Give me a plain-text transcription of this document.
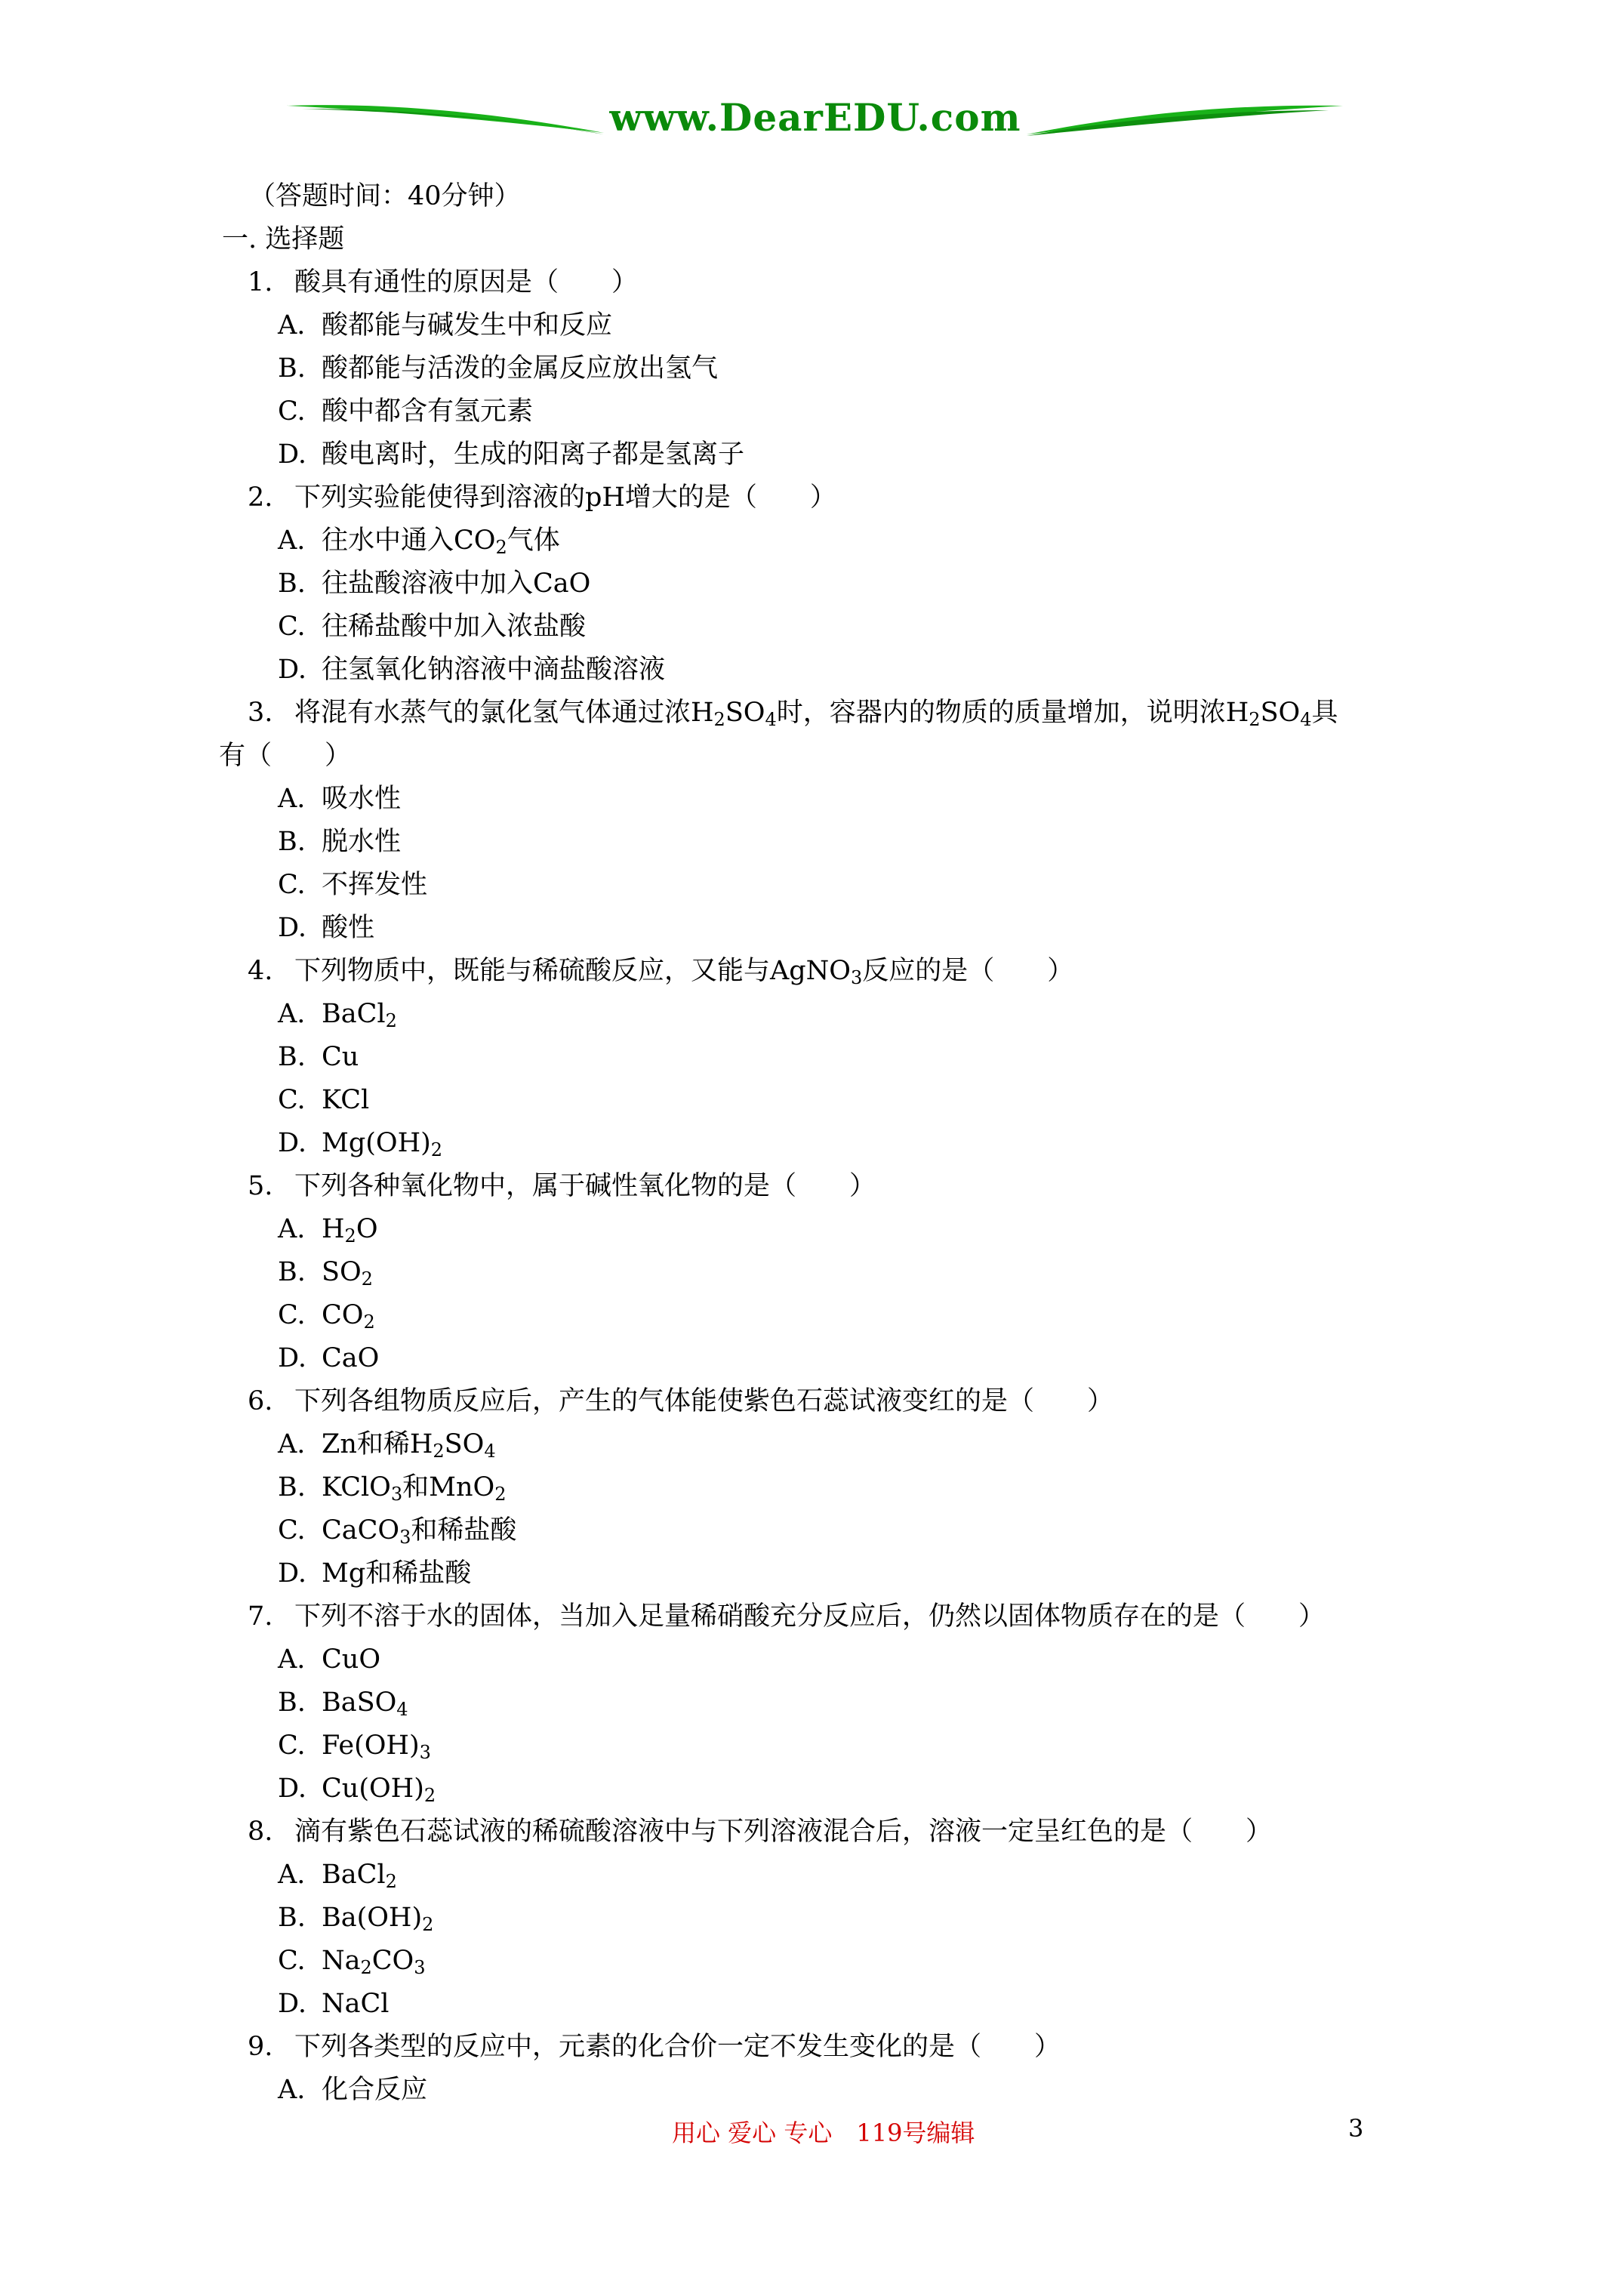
www.DearEDU.com
（答题时间：40分钟）
一. 选择题
1. 酸具有通性的原因是（　　）
A. 酸都能与碱发生中和反应
B. 酸都能与活泼的金属反应放出氢气
C. 酸中都含有氢元素
D. 酸电离时，生成的阳离子都是氢离子
2. 下列实验能使得到溶液的pH增大的是（　　）
A. 往水中通入$CO_2$气体
B. 往盐酸溶液中加入CaO
C. 往稀盐酸中加入浓盐酸
D. 往氢氧化钠溶液中滴盐酸溶液
3. 将混有水蒸气的氯化氢气体通过浓$H_2SO_4$时，容器内的物质的质量增加，说明浓$H_2SO_4$具
有（　　）
A. 吸水性
B. 脱水性
C. 不挥发性
D. 酸性
4. 下列物质中，既能与稀硫酸反应，又能与AgNO$_3$反应的是（　　）
A. BaCl$_2$
B. Cu
C. KCl
D. $Mg(OH)_2$
5. 下列各种氧化物中，属于碱性氧化物的是（　　）
A. $H_2O$
B. $SO_2$
C. $CO_2$
D. CaO
6. 下列各组物质反应后，产生的气体能使紫色石蕊试液变红的是（　　）
A. Zn和稀$H_2SO_4$
B. KClO$_3$和MnO$_2$
C. CaCO$_3$和稀盐酸
D. Mg和稀盐酸
7. 下列不溶于水的固体，当加入足量稀硝酸充分反应后，仍然以固体物质存在的是（　　）
A. CuO
B. BaSO$_4$
C. $Fe(OH)_3$
D. $Cu(OH)_2$
8. 滴有紫色石蕊试液的稀硫酸溶液中与下列溶液混合后，溶液一定呈红色的是（　　）
A. BaCl$_2$
B. $Ba(OH)_2$
C. $Na_2CO_3$
D. NaCl
9. 下列各类型的反应中，元素的化合价一定不发生变化的是（　　）
A. 化合反应
用心 爱心 专心　119号编辑	3
